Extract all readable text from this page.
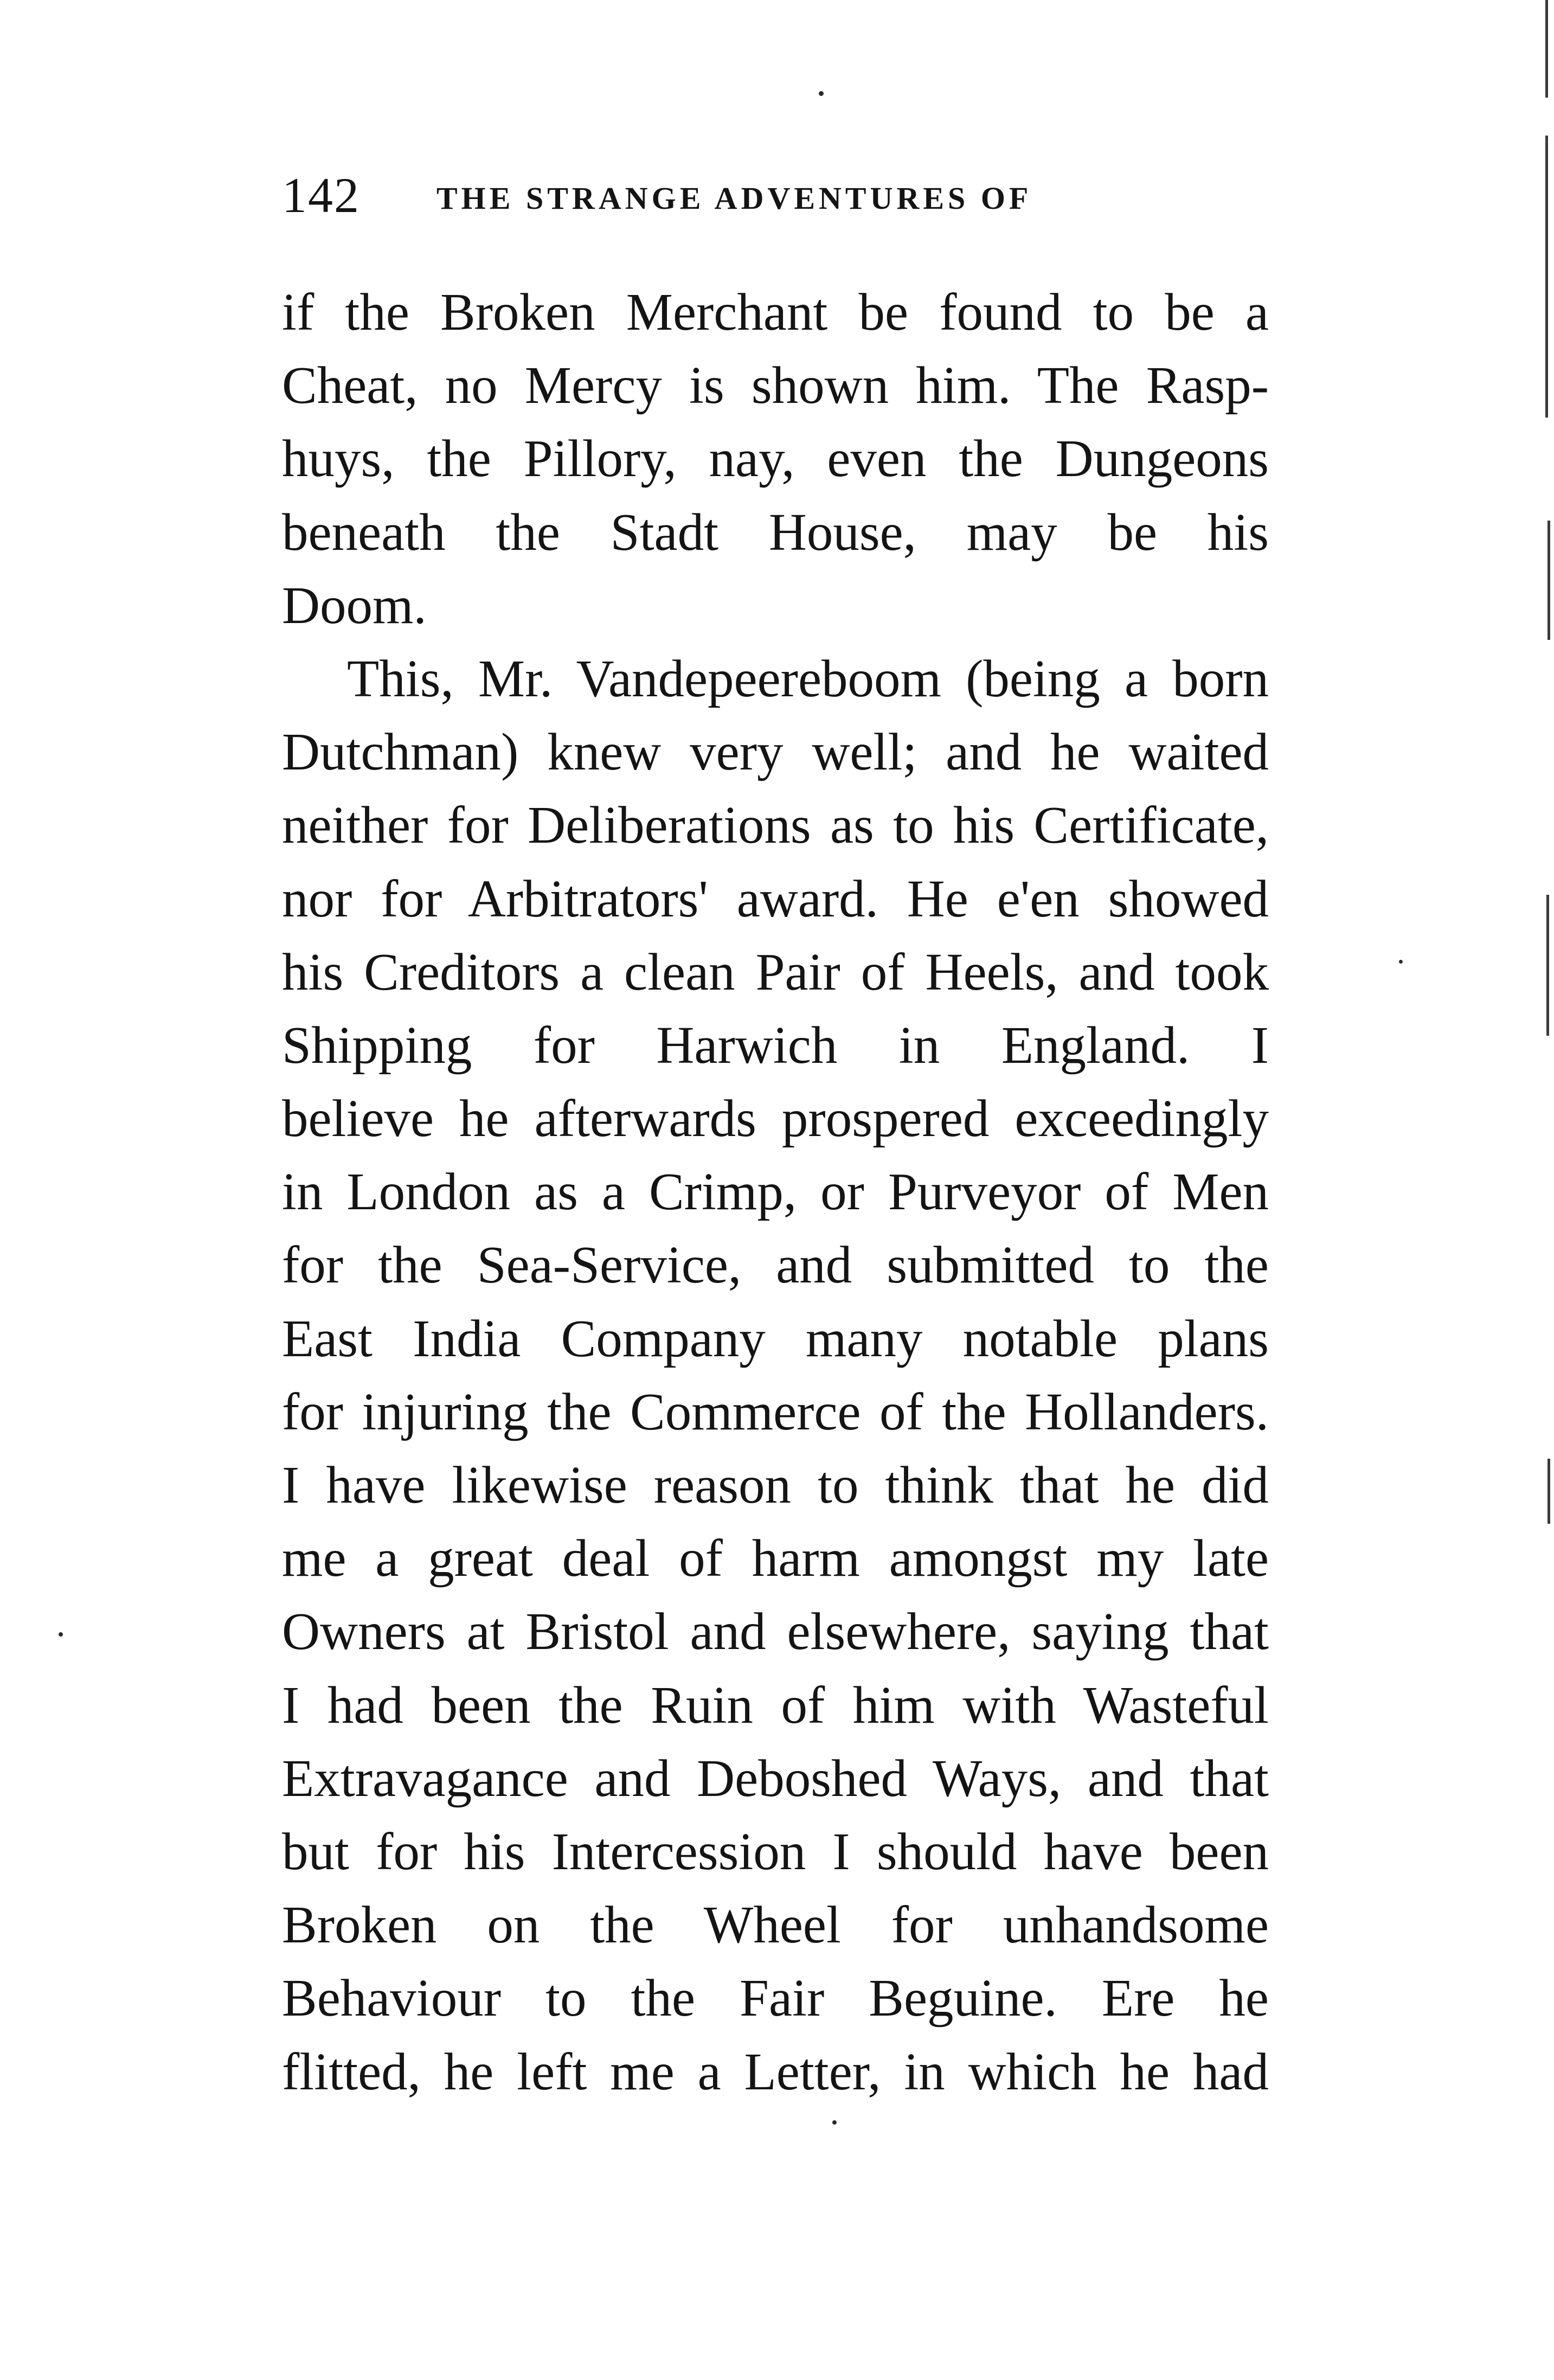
142 THE STRANGE ADVENTURES OF
if the Broken Merchant be found to be a
Cheat, no Mercy is shown him. The Rasp-
huys, the Pillory, nay, even the Dungeons
beneath the Stadt House, may be his
Doom.
This, Mr. Vandepeereboom (being a born
Dutchman) knew very well; and he waited
neither for Deliberations as to his Certificate,
nor for Arbitrators' award. He e'en showed
his Creditors a clean Pair of Heels, and took
Shipping for Harwich in England. I
believe he afterwards prospered exceedingly
in London as a Crimp, or Purveyor of Men
for the Sea-Service, and submitted to the
East India Company many notable plans
for injuring the Commerce of the Hollanders.
I have likewise reason to think that he did
me a great deal of harm amongst my late
Owners at Bristol and elsewhere, saying that
I had been the Ruin of him with Wasteful
Extravagance and Deboshed Ways, and that
but for his Intercession I should have been
Broken on the Wheel for unhandsome
Behaviour to the Fair Beguine. Ere he
flitted, he left me a Letter, in which he had
